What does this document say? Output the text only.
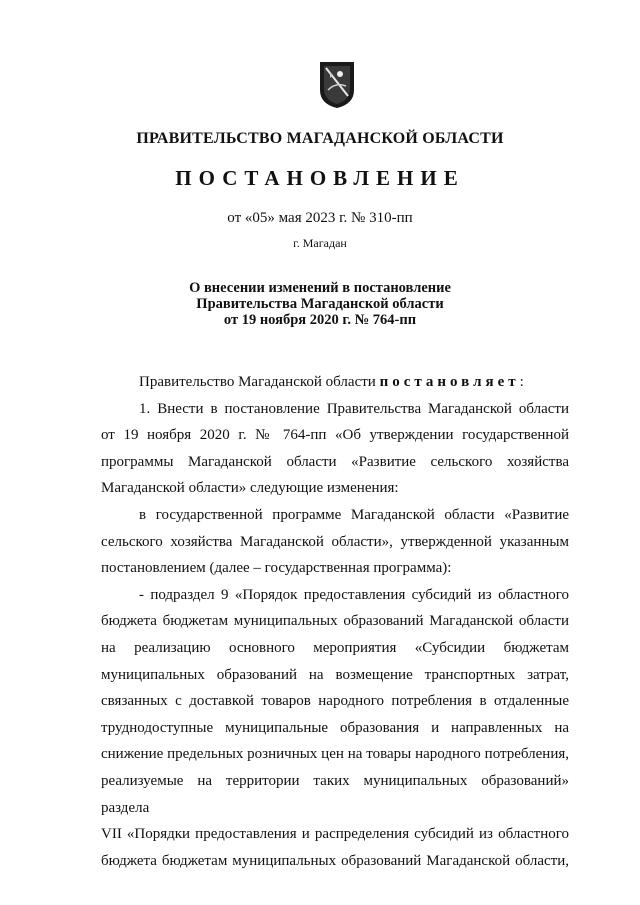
ПРАВИТЕЛЬСТВО МАГАДАНСКОЙ ОБЛАСТИ
ПОСТАНОВЛЕНИЕ
от «05» мая 2023 г. № 310-пп
г. Магадан
О внесении изменений в постановление
Правительства Магаданской области
от 19 ноября 2020 г. № 764-пп

Правительство Магаданской области постановляет:

1. Внести в постановление Правительства Магаданской области
от 19 ноября 2020 г. № 764-пп «Об утверждении государственной
программы Магаданской области «Развитие сельского хозяйства
Магаданской области» следующие изменения:
в государственной программе Магаданской области «Развитие
сельского хозяйства Магаданской области», утвержденной указанным
постановлением (далее – государственная программа):
- подраздел 9 «Порядок предоставления субсидий из областного
бюджета бюджетам муниципальных образований Магаданской области
на реализацию основного мероприятия «Субсидии бюджетам
муниципальных образований на возмещение транспортных затрат,
связанных с доставкой товаров народного потребления в отдаленные
труднодоступные муниципальные образования и направленных на
снижение предельных розничных цен на товары народного потребления,
реализуемые на территории таких муниципальных образований» раздела
VII «Порядки предоставления и распределения субсидий из областного
бюджета бюджетам муниципальных образований Магаданской области,
